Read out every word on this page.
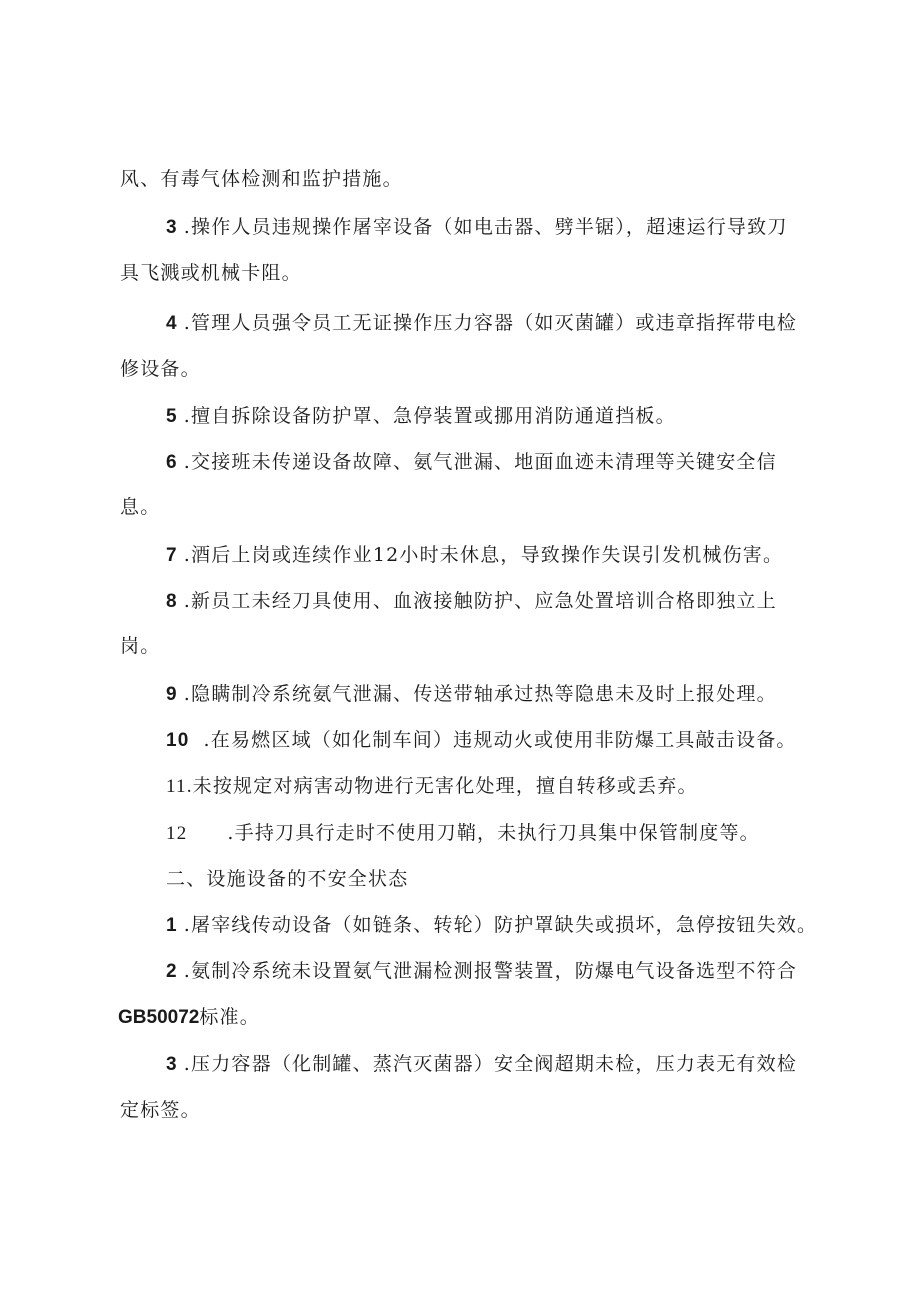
风、有毒气体检测和监护措施。
3 .操作人员违规操作屠宰设备（如电击器、劈半锯），超速运行导致刀
具飞溅或机械卡阻。
4 .管理人员强令员工无证操作压力容器（如灭菌罐）或违章指挥带电检
修设备。
5 .擅自拆除设备防护罩、急停装置或挪用消防通道挡板。
6 .交接班未传递设备故障、氨气泄漏、地面血迹未清理等关键安全信
息。
7 .酒后上岗或连续作业12小时未休息，导致操作失误引发机械伤害。
8 .新员工未经刀具使用、血液接触防护、应急处置培训合格即独立上
岗。
9 .隐瞒制冷系统氨气泄漏、传送带轴承过热等隐患未及时上报处理。
10 .在易燃区域（如化制车间）违规动火或使用非防爆工具敲击设备。
11.未按规定对病害动物进行无害化处理，擅自转移或丢弃。
12 .手持刀具行走时不使用刀鞘，未执行刀具集中保管制度等。
二、设施设备的不安全状态
1 .屠宰线传动设备（如链条、转轮）防护罩缺失或损坏，急停按钮失效。
2 .氨制冷系统未设置氨气泄漏检测报警装置，防爆电气设备选型不符合
GB50072标准。
3 .压力容器（化制罐、蒸汽灭菌器）安全阀超期未检，压力表无有效检
定标签。
